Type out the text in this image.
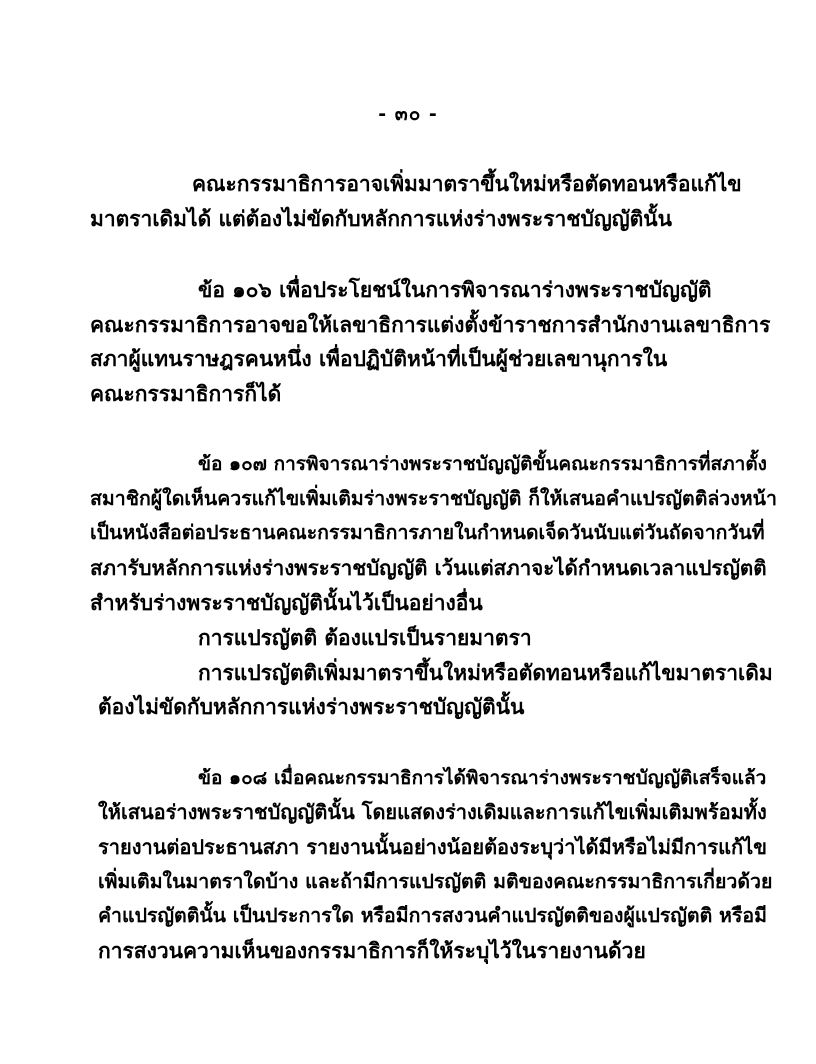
- ๓๐ -
คณะกรรมาธิการอาจเพิ่มมาตราขึ้นใหม่หรือตัดทอนหรือแก้ไข
มาตราเดิมได้ แต่ต้องไม่ขัดกับหลักการแห่งร่างพระราชบัญญัตินั้น
ข้อ ๑๐๖ เพื่อประโยชน์ในการพิจารณาร่างพระราชบัญญัติ
คณะกรรมาธิการอาจขอให้เลขาธิการแต่งตั้งข้าราชการสำนักงานเลขาธิการ
สภาผู้แทนราษฎรคนหนึ่ง เพื่อปฏิบัติหน้าที่เป็นผู้ช่วยเลขานุการใน
คณะกรรมาธิการก็ได้
ข้อ ๑๐๗ การพิจารณาร่างพระราชบัญญัติขั้นคณะกรรมาธิการที่สภาตั้ง
สมาชิกผู้ใดเห็นควรแก้ไขเพิ่มเติมร่างพระราชบัญญัติ ก็ให้เสนอคำแปรญัตติล่วงหน้า
เป็นหนังสือต่อประธานคณะกรรมาธิการภายในกำหนดเจ็ดวันนับแต่วันถัดจากวันที่
สภารับหลักการแห่งร่างพระราชบัญญัติ เว้นแต่สภาจะได้กำหนดเวลาแปรญัตติ
สำหรับร่างพระราชบัญญัตินั้นไว้เป็นอย่างอื่น
การแปรญัตติ ต้องแปรเป็นรายมาตรา
การแปรญัตติเพิ่มมาตราขึ้นใหม่หรือตัดทอนหรือแก้ไขมาตราเดิม
ต้องไม่ขัดกับหลักการแห่งร่างพระราชบัญญัตินั้น
ข้อ ๑๐๘ เมื่อคณะกรรมาธิการได้พิจารณาร่างพระราชบัญญัติเสร็จแล้ว
ให้เสนอร่างพระราชบัญญัตินั้น โดยแสดงร่างเดิมและการแก้ไขเพิ่มเติมพร้อมทั้ง
รายงานต่อประธานสภา รายงานนั้นอย่างน้อยต้องระบุว่าได้มีหรือไม่มีการแก้ไข
เพิ่มเติมในมาตราใดบ้าง และถ้ามีการแปรญัตติ มติของคณะกรรมาธิการเกี่ยวด้วย
คำแปรญัตตินั้น เป็นประการใด หรือมีการสงวนคำแปรญัตติของผู้แปรญัตติ หรือมี
การสงวนความเห็นของกรรมาธิการก็ให้ระบุไว้ในรายงานด้วย
